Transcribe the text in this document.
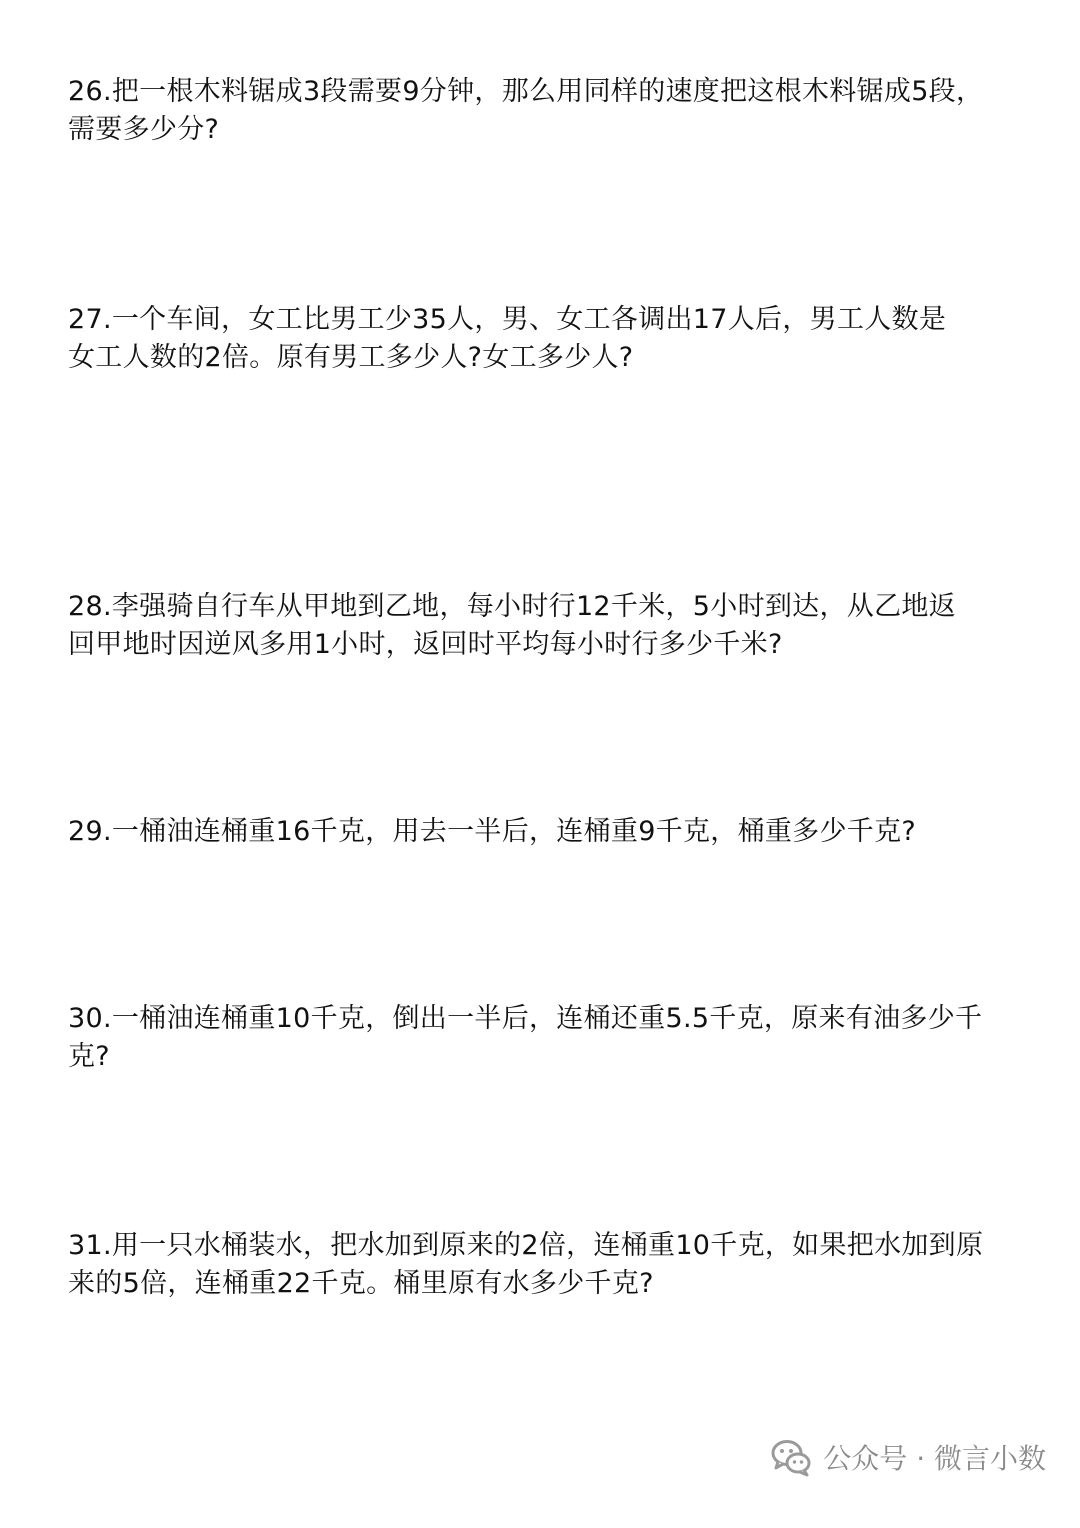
26.把一根木料锯成3段需要9分钟，那么用同样的速度把这根木料锯成5段，
需要多少分?
27.一个车间，女工比男工少35人，男、女工各调出17人后，男工人数是
女工人数的2倍。原有男工多少人?女工多少人?
28.李强骑自行车从甲地到乙地，每小时行12千米，5小时到达，从乙地返
回甲地时因逆风多用1小时，返回时平均每小时行多少千米?
29.一桶油连桶重16千克，用去一半后，连桶重9千克，桶重多少千克?
30.一桶油连桶重10千克，倒出一半后，连桶还重5.5千克，原来有油多少千
克?
31.用一只水桶装水，把水加到原来的2倍，连桶重10千克，如果把水加到原
来的5倍，连桶重22千克。桶里原有水多少千克?
公众号 · 微言小数
